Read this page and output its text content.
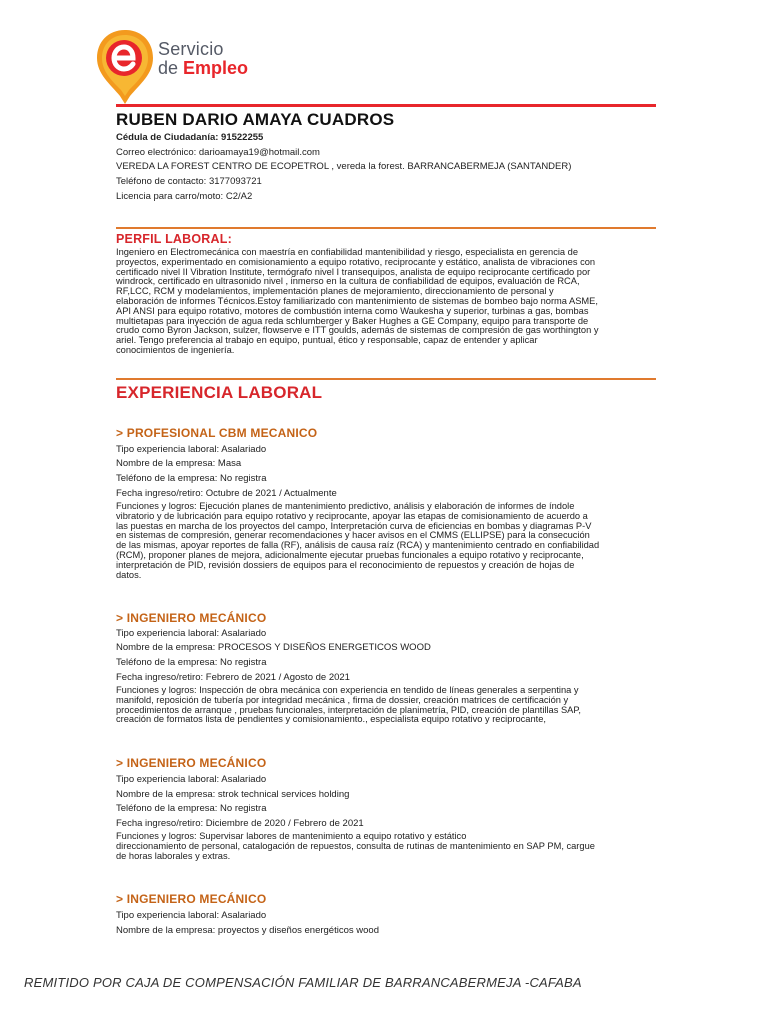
Servicio
de Empleo
RUBEN DARIO AMAYA CUADROS
Cédula de Ciudadanía: 91522255
Correo electrónico: darioamaya19@hotmail.com
VEREDA LA FOREST CENTRO DE ECOPETROL , vereda la forest. BARRANCABERMEJA (SANTANDER)
Teléfono de contacto: 3177093721
Licencia para carro/moto: C2/A2
PERFIL LABORAL:
Ingeniero en Electromecánica con maestría en confiabilidad mantenibilidad y riesgo, especialista en gerencia de
proyectos, experimentado en comisionamiento a equipo rotativo, reciprocante y estático, analista de vibraciones con
certificado nivel II Vibration Institute, termógrafo nivel I transequipos, analista de equipo reciprocante certificado por
windrock, certificado en ultrasonido nivel , inmerso en la cultura de confiabilidad de equipos, evaluación de RCA,
RF,LCC, RCM y modelamientos, implementación planes de mejoramiento, direccionamiento de personal y
elaboración de informes Técnicos.Estoy familiarizado con mantenimiento de sistemas de bombeo bajo norma ASME,
API ANSI para equipo rotativo, motores de combustión interna como Waukesha y superior, turbinas a gas, bombas
multietapas para inyección de agua reda schlumberger y Baker Hughes a GE Company, equipo para transporte de
crudo como Byron Jackson, sulzer, flowserve e ITT goulds, además de sistemas de compresión de gas worthington y
ariel. Tengo preferencia al trabajo en equipo, puntual, ético y responsable, capaz de entender y aplicar
conocimientos de ingeniería.
EXPERIENCIA LABORAL
> PROFESIONAL CBM MECANICO
Tipo experiencia laboral: Asalariado
Nombre de la empresa: Masa
Teléfono de la empresa: No registra
Fecha ingreso/retiro: Octubre de 2021 / Actualmente
Funciones y logros: Ejecución planes de mantenimiento predictivo, análisis y elaboración de informes de índole
vibratorio y de lubricación para equipo rotativo y reciprocante, apoyar las etapas de comisionamiento de acuerdo a
las puestas en marcha de los proyectos del campo, Interpretación curva de eficiencias en bombas y diagramas P-V
en sistemas de compresión, generar recomendaciones y hacer avisos en el CMMS (ELLIPSE) para la consecución
de las mismas, apoyar reportes de falla (RF), análisis de causa raíz (RCA) y mantenimiento centrado en confiabilidad
(RCM), proponer planes de mejora, adicionalmente ejecutar pruebas funcionales a equipo rotativo y reciprocante,
interpretación de PID, revisión dossiers de equipos para el reconocimiento de repuestos y creación de hojas de
datos.
> INGENIERO MECÁNICO
Tipo experiencia laboral: Asalariado
Nombre de la empresa: PROCESOS Y DISEÑOS ENERGETICOS WOOD
Teléfono de la empresa: No registra
Fecha ingreso/retiro: Febrero de 2021 / Agosto de 2021
Funciones y logros: Inspección de obra mecánica con experiencia en tendido de líneas generales a serpentina y
manifold, reposición de tubería por integridad mecánica , firma de dossier, creación matrices de certificación y
procedimientos de arranque , pruebas funcionales, interpretación de planimetría, PID, creación de plantillas SAP,
creación de formatos lista de pendientes y comisionamiento., especialista equipo rotativo y reciprocante,
> INGENIERO MECÁNICO
Tipo experiencia laboral: Asalariado
Nombre de la empresa: strok technical services holding
Teléfono de la empresa: No registra
Fecha ingreso/retiro: Diciembre de 2020 / Febrero de 2021
Funciones y logros: Supervisar labores de mantenimiento a equipo rotativo y estático
direccionamiento de personal, catalogación de repuestos, consulta de rutinas de mantenimiento en SAP PM, cargue
de horas laborales y extras.
> INGENIERO MECÁNICO
Tipo experiencia laboral: Asalariado
Nombre de la empresa: proyectos y diseños energéticos wood
REMITIDO POR CAJA DE COMPENSACIÓN FAMILIAR DE BARRANCABERMEJA -CAFABA
